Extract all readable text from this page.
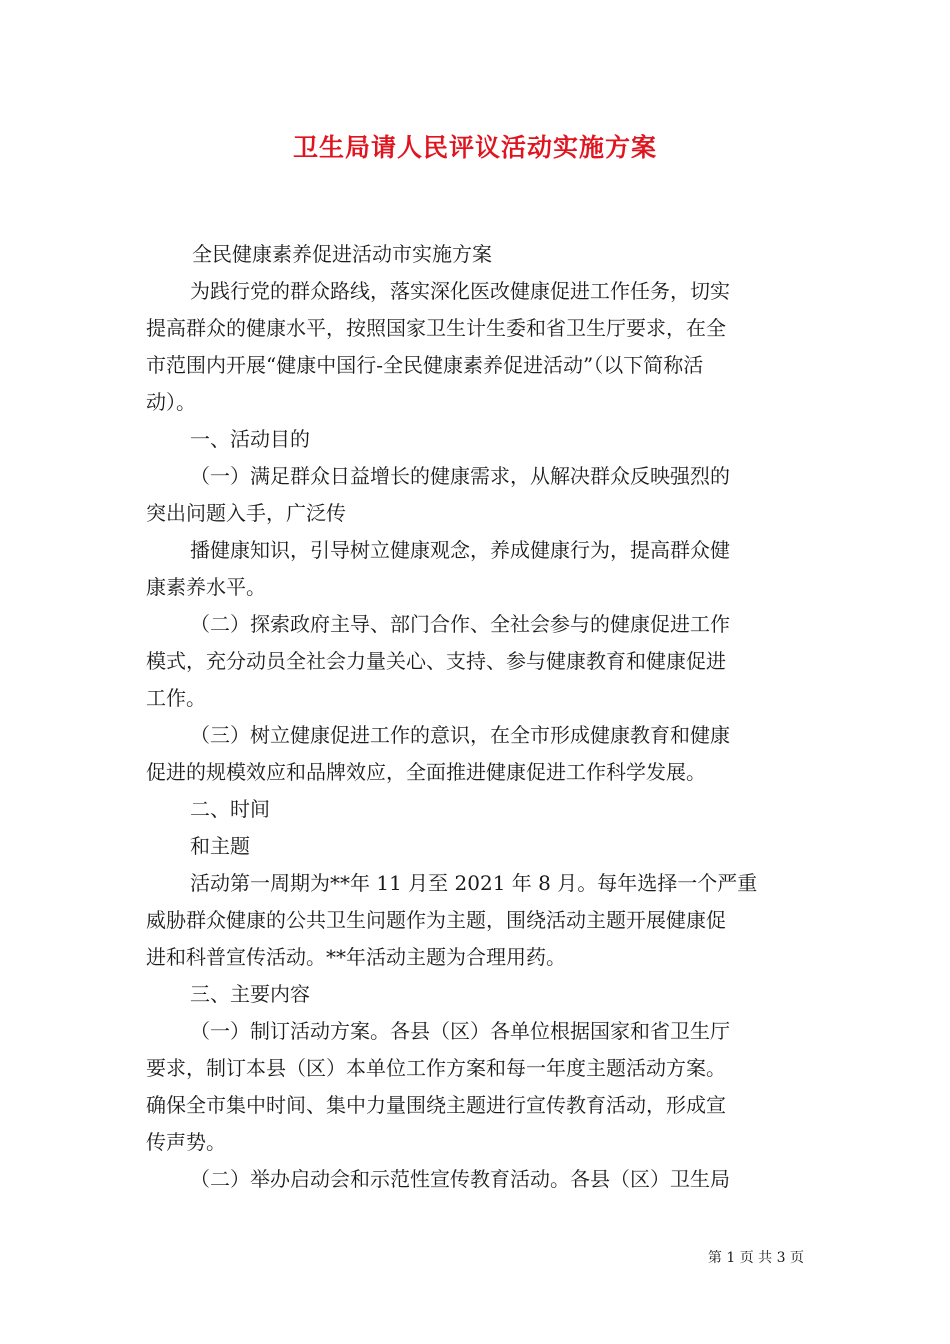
卫生局请人民评议活动实施方案
全民健康素养促进活动市实施方案
为践行党的群众路线，落实深化医改健康促进工作任务，切实
提高群众的健康水平，按照国家卫生计生委和省卫生厅要求，在全
市范围内开展“健康中国行-全民健康素养促进活动”（以下简称活
动）。
一、活动目的
（一）满足群众日益增长的健康需求，从解决群众反映强烈的
突出问题入手，广泛传
播健康知识，引导树立健康观念，养成健康行为，提高群众健
康素养水平。
（二）探索政府主导、部门合作、全社会参与的健康促进工作
模式，充分动员全社会力量关心、支持、参与健康教育和健康促进
工作。
（三）树立健康促进工作的意识，在全市形成健康教育和健康
促进的规模效应和品牌效应，全面推进健康促进工作科学发展。
二、时间
和主题
活动第一周期为**年 11 月至 2021 年 8 月。每年选择一个严重
威胁群众健康的公共卫生问题作为主题，围绕活动主题开展健康促
进和科普宣传活动。**年活动主题为合理用药。
三、主要内容
（一）制订活动方案。各县（区）各单位根据国家和省卫生厅
要求，制订本县（区）本单位工作方案和每一年度主题活动方案。
确保全市集中时间、集中力量围绕主题进行宣传教育活动，形成宣
传声势。
（二）举办启动会和示范性宣传教育活动。各县（区）卫生局
第 1 页 共 3 页
